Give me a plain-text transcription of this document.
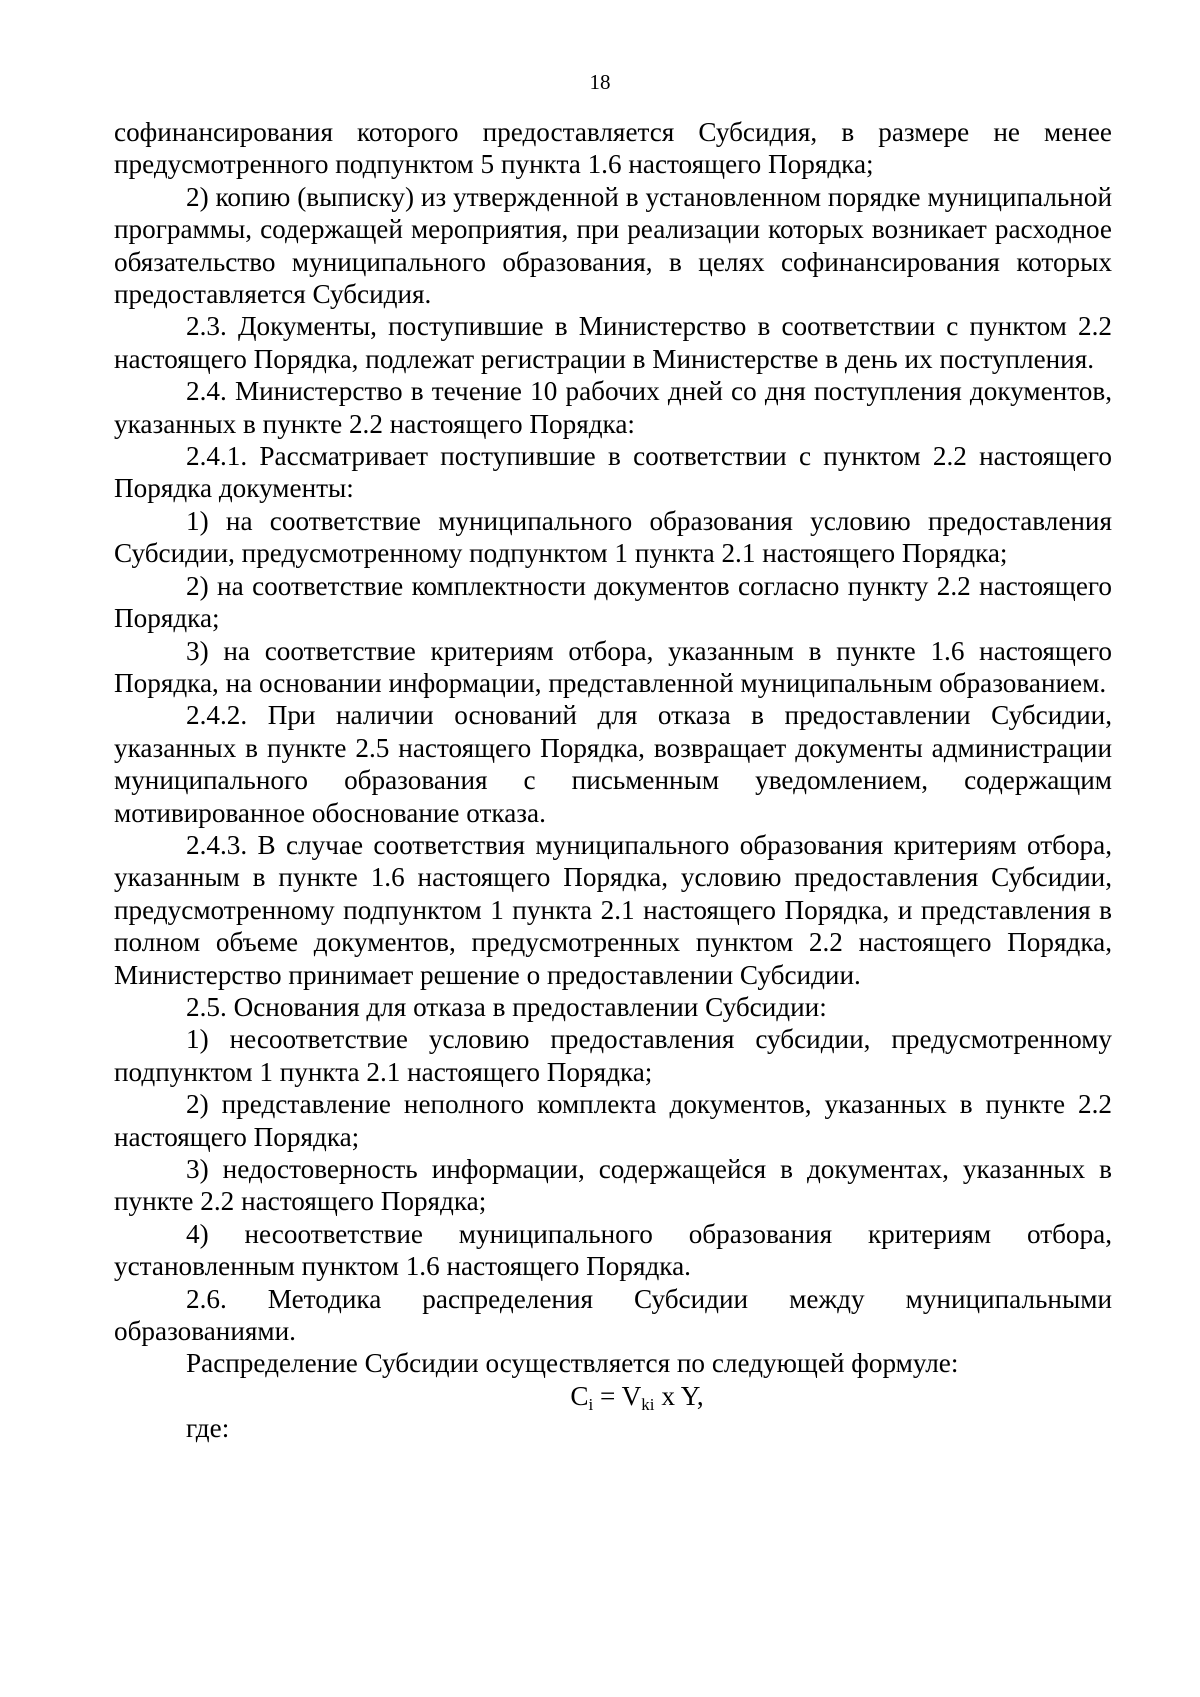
18

софинансирования которого предоставляется Субсидия, в размере не менее предусмотренного подпунктом 5 пункта 1.6 настоящего Порядка;

2) копию (выписку) из утвержденной в установленном порядке муниципальной программы, содержащей мероприятия, при реализации которых возникает расходное обязательство муниципального образования, в целях софинансирования которых предоставляется Субсидия.

2.3. Документы, поступившие в Министерство в соответствии с пунктом 2.2 настоящего Порядка, подлежат регистрации в Министерстве в день их поступления.

2.4. Министерство в течение 10 рабочих дней со дня поступления документов, указанных в пункте 2.2 настоящего Порядка:

2.4.1. Рассматривает поступившие в соответствии с пунктом 2.2 настоящего Порядка документы:

1) на соответствие муниципального образования условию предоставления Субсидии, предусмотренному подпунктом 1 пункта 2.1 настоящего Порядка;

2) на соответствие комплектности документов согласно пункту 2.2 настоящего Порядка;

3) на соответствие критериям отбора, указанным в пункте 1.6 настоящего Порядка, на основании информации, представленной муниципальным образованием.

2.4.2. При наличии оснований для отказа в предоставлении Субсидии, указанных в пункте 2.5 настоящего Порядка, возвращает документы администрации муниципального образования с письменным уведомлением, содержащим мотивированное обоснование отказа.

2.4.3. В случае соответствия муниципального образования критериям отбора, указанным в пункте 1.6 настоящего Порядка, условию предоставления Субсидии, предусмотренному подпунктом 1 пункта 2.1 настоящего Порядка, и представления в полном объеме документов, предусмотренных пунктом 2.2 настоящего Порядка, Министерство принимает решение о предоставлении Субсидии.

2.5. Основания для отказа в предоставлении Субсидии:

1) несоответствие условию предоставления субсидии, предусмотренному подпунктом 1 пункта 2.1 настоящего Порядка;

2) представление неполного комплекта документов, указанных в пункте 2.2 настоящего Порядка;

3) недостоверность информации, содержащейся в документах, указанных в пункте 2.2 настоящего Порядка;

4) несоответствие муниципального образования критериям отбора, установленным пунктом 1.6 настоящего Порядка.

2.6. Методика распределения Субсидии между муниципальными образованиями.

Распределение Субсидии осуществляется по следующей формуле:

$C_i = V_{ki}$ x Y,

где:
